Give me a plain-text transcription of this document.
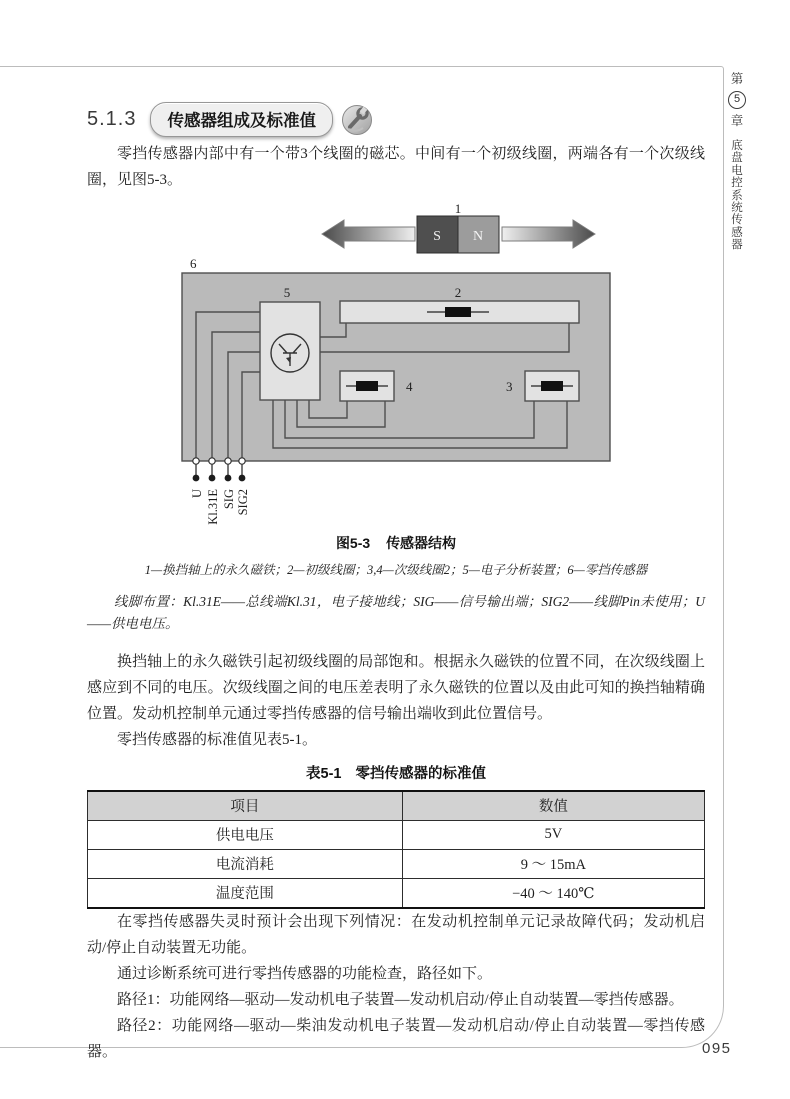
第
5
章
底盘电控系统传感器
5.1.3	传感器组成及标准值

零挡传感器内部中有一个带3个线圈的磁芯。中间有一个初级线圈，两端各有一个次级线圈，见图5-3。

1
S N
6
5	2
4	3
U Kl.31E SIG SIG2
图5-3 传感器结构
1—换挡轴上的永久磁铁；2—初级线圈；3,4—次级线圈2；5—电子分析装置；6—零挡传感器

线脚布置：Kl.31E——总线端Kl.31，电子接地线；SIG——信号输出端；SIG2——线脚Pin未使用；U——供电电压。

换挡轴上的永久磁铁引起初级线圈的局部饱和。根据永久磁铁的位置不同，在次级线圈上感应到不同的电压。次级线圈之间的电压差表明了永久磁铁的位置以及由此可知的换挡轴精确位置。发动机控制单元通过零挡传感器的信号输出端收到此位置信号。

零挡传感器的标准值见表5-1。

表5-1 零挡传感器的标准值
项目	数值
供电电压	5V
电流消耗	9 ～ 15mA
温度范围	−40 ～ 140℃

在零挡传感器失灵时预计会出现下列情况：在发动机控制单元记录故障代码；发动机启动/停止自动装置无功能。

通过诊断系统可进行零挡传感器的功能检查，路径如下。

路径1：功能网络—驱动—发动机电子装置—发动机启动/停止自动装置—零挡传感器。

路径2：功能网络—驱动—柴油发动机电子装置—发动机启动/停止自动装置—零挡传感器。	095
